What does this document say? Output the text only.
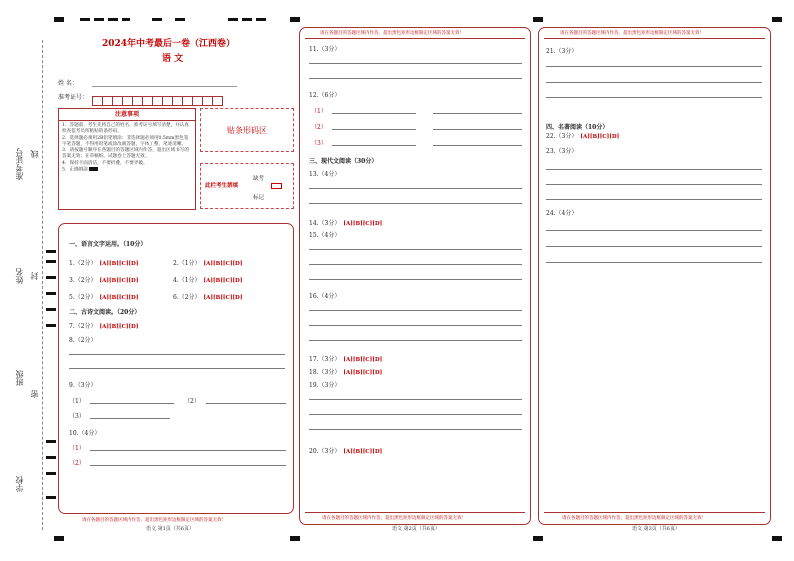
准考证号 线
姓名 封
班级
密
学校
2024年中考最后一卷（江西卷）
语 文
姓 名：
准考证号：
注意事项
1．答题前，考生先将自己的姓名，准考证号填写清楚，并认真检查监考员所粘贴的条形码。
2．选择题必须用2B铅笔填涂；非选择题必须用0.5mm黑色签字笔答题，不得用铅笔或涂改液答题，字体工整、笔迹清晰。
3．请按题号顺序在各题目的答题区域内作答，超出区域书写的答案无效；在草稿纸、试题卷上答题无效。
4．保持卡面清洁，不要折叠，不要弄破。
5．正确填涂
贴条形码区
此栏考生禁填
缺考
标记
一、语言文字运用。（10分）
1.（2分） [A][B][C][D]	2.（1分） [A][B][C][D]
3.（2分） [A][B][C][D]	4.（1分） [A][B][C][D]
5.（2分） [A][B][C][D]	6.（2分） [A][B][C][D]
二、古诗文阅读。（20分）
7.（2分） [A][B][C][D]
8.（2分）
9.（3分）
（1）	（2）
（3）
10.（4分）
（1）
（2）
请在各题目的答题区域内作答，超出黑色矩形边框限定区域的答案无效！
语文 第1页（共6页）
请在各题目的答题区域内作答，超出黑色矩形边框限定区域的答案无效！
11.（3分）
12.（6分）
（1）
（2）
（3）
三、现代文阅读（30分）
13.（4分）
14.（3分） [A][B][C][D]
15.（4分）
16.（4分）
17.（3分） [A][B][C][D]
18.（3分） [A][B][C][D]
19.（3分）
20.（3分） [A][B][C][D]
请在各题目的答题区域内作答，超出黑色矩形边框限定区域的答案无效！
语文 第2页（共6页）
请在各题目的答题区域内作答，超出黑色矩形边框限定区域的答案无效！
21.（3分）
四、名著阅读（10分）
22.（3分） [A][B][C][D]
23.（3分）
24.（4分）
请在各题目的答题区域内作答，超出黑色矩形边框限定区域的答案无效！
语文 第3页（共6页）
